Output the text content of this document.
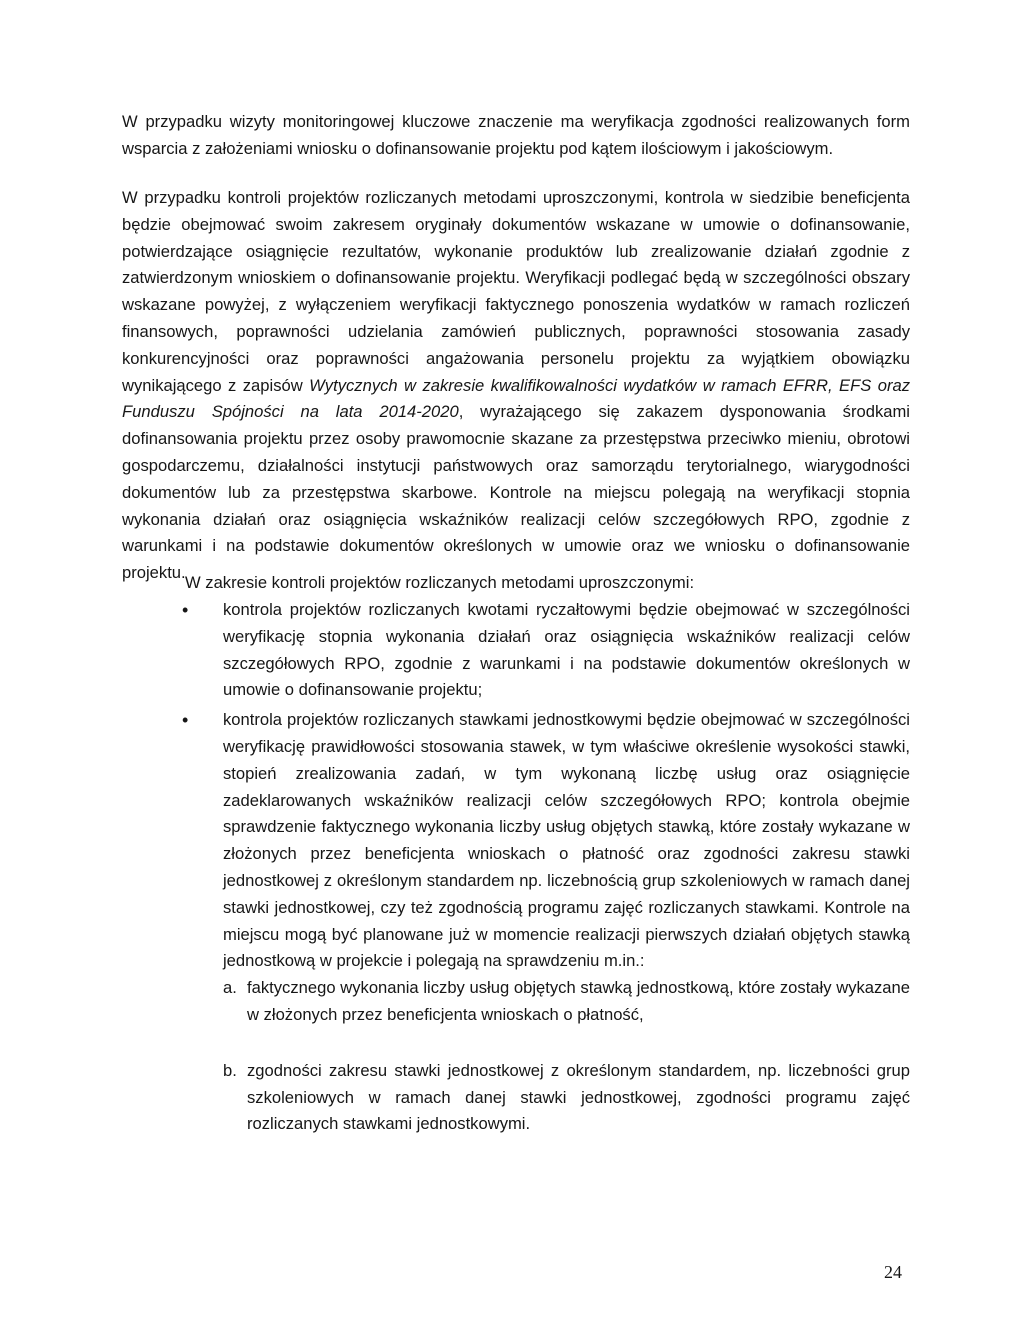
W przypadku wizyty monitoringowej kluczowe znaczenie ma weryfikacja zgodności realizowanych form wsparcia z założeniami wniosku o dofinansowanie projektu pod kątem ilościowym i jakościowym.

W przypadku kontroli projektów rozliczanych metodami uproszczonymi, kontrola w siedzibie beneficjenta będzie obejmować swoim zakresem oryginały dokumentów wskazane w umowie o dofinansowanie, potwierdzające osiągnięcie rezultatów, wykonanie produktów lub zrealizowanie działań zgodnie z zatwierdzonym wnioskiem o dofinansowanie projektu. Weryfikacji podlegać będą w szczególności obszary wskazane powyżej, z wyłączeniem weryfikacji faktycznego ponoszenia wydatków w ramach rozliczeń finansowych, poprawności udzielania zamówień publicznych, poprawności stosowania zasady konkurencyjności oraz poprawności angażowania personelu projektu za wyjątkiem obowiązku wynikającego z zapisów Wytycznych w zakresie kwalifikowalności wydatków w ramach EFRR, EFS oraz Funduszu Spójności na lata 2014-2020, wyrażającego się zakazem dysponowania środkami dofinansowania projektu przez osoby prawomocnie skazane za przestępstwa przeciwko mieniu, obrotowi gospodarczemu, działalności instytucji państwowych oraz samorządu terytorialnego, wiarygodności dokumentów lub za przestępstwa skarbowe. Kontrole na miejscu polegają na weryfikacji stopnia wykonania działań oraz osiągnięcia wskaźników realizacji celów szczegółowych RPO, zgodnie z warunkami i na podstawie dokumentów określonych w umowie oraz we wniosku o dofinansowanie projektu.

W zakresie kontroli projektów rozliczanych metodami uproszczonymi:
• kontrola projektów rozliczanych kwotami ryczałtowymi będzie obejmować w szczególności weryfikację stopnia wykonania działań oraz osiągnięcia wskaźników realizacji celów szczegółowych RPO, zgodnie z warunkami i na podstawie dokumentów określonych w umowie o dofinansowanie projektu;
• kontrola projektów rozliczanych stawkami jednostkowymi będzie obejmować w szczególności weryfikację prawidłowości stosowania stawek, w tym właściwe określenie wysokości stawki, stopień zrealizowania zadań, w tym wykonaną liczbę usług oraz osiągnięcie zadeklarowanych wskaźników realizacji celów szczegółowych RPO; kontrola obejmie sprawdzenie faktycznego wykonania liczby usług objętych stawką, które zostały wykazane w złożonych przez beneficjenta wnioskach o płatność oraz zgodności zakresu stawki jednostkowej z określonym standardem np. liczebnością grup szkoleniowych w ramach danej stawki jednostkowej, czy też zgodnością programu zajęć rozliczanych stawkami. Kontrole na miejscu mogą być planowane już w momencie realizacji pierwszych działań objętych stawką jednostkową w projekcie i polegają na sprawdzeniu m.in.:
a. faktycznego wykonania liczby usług objętych stawką jednostkową, które zostały wykazane w złożonych przez beneficjenta wnioskach o płatność,
b. zgodności zakresu stawki jednostkowej z określonym standardem, np. liczebności grup szkoleniowych w ramach danej stawki jednostkowej, zgodności programu zajęć rozliczanych stawkami jednostkowymi.
24
